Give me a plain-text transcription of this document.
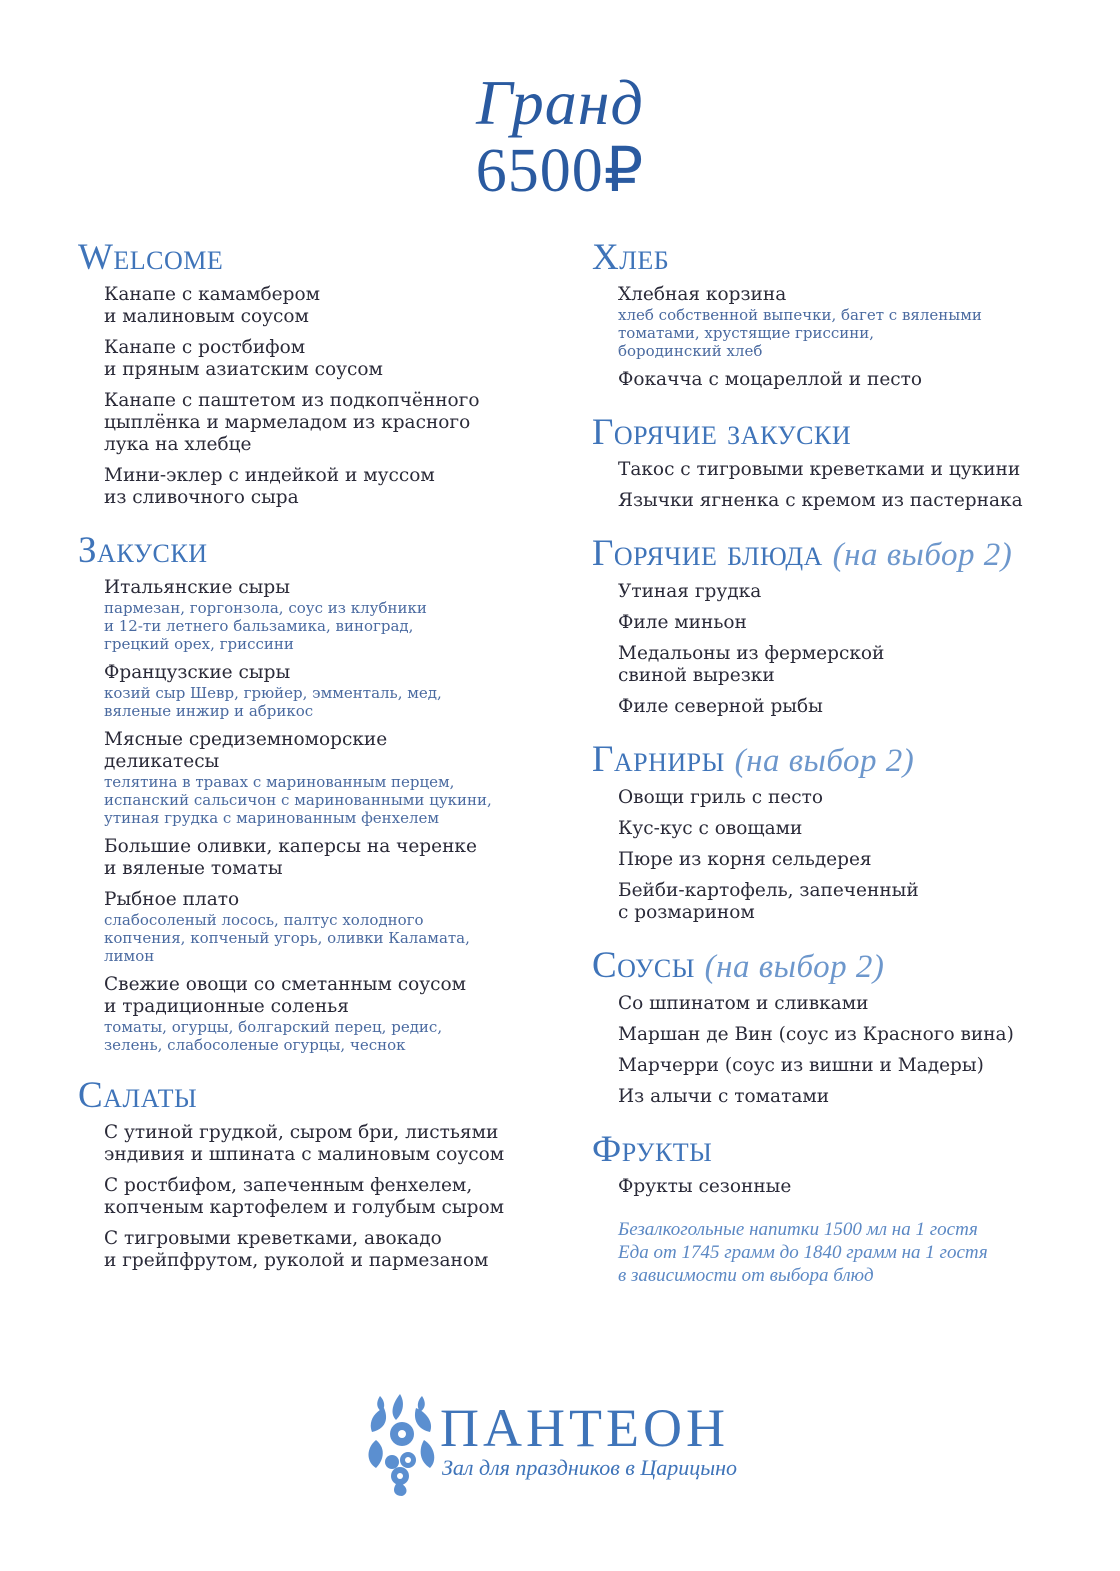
Гранд
6500₽
Welcome
Канапе с камамбером
и малиновым соусом
Канапе с ростбифом
и пряным азиатским соусом
Канапе с паштетом из подкопчённого
цыплёнка и мармеладом из красного
лука на хлебце
Мини-эклер с индейкой и муссом
из сливочного сыра
Закуски
Итальянские сыры
пармезан, горгонзола, соус из клубники
и 12-ти летнего бальзамика, виноград,
грецкий орех, гриссини
Французские сыры
козий сыр Шевр, грюйер, эмменталь, мед,
вяленые инжир и абрикос
Мясные средиземноморские
деликатесы
телятина в травах с маринованным перцем,
испанский сальсичон с маринованными цукини,
утиная грудка с маринованным фенхелем
Большие оливки, каперсы на черенке
и вяленые томаты
Рыбное плато
слабосоленый лосось, палтус холодного
копчения, копченый угорь, оливки Каламата,
лимон
Свежие овощи со сметанным соусом
и традиционные соленья
томаты, огурцы, болгарский перец, редис,
зелень, слабосоленые огурцы, чеснок
Салаты
С утиной грудкой, сыром бри, листьями
эндивия и шпината с малиновым соусом
С ростбифом, запеченным фенхелем,
копченым картофелем и голубым сыром
С тигровыми креветками, авокадо
и грейпфрутом, руколой и пармезаном
Хлеб
Хлебная корзина
хлеб собственной выпечки, багет с вялеными
томатами, хрустящие гриссини,
бородинский хлеб
Фокачча с моцареллой и песто
Горячие закуски
Такос с тигровыми креветками и цукини
Язычки ягненка с кремом из пастернака
Горячие блюда (на выбор 2)
Утиная грудка
Филе миньон
Медальоны из фермерской
свиной вырезки
Филе северной рыбы
Гарниры (на выбор 2)
Овощи гриль с песто
Кус-кус с овощами
Пюре из корня сельдерея
Бейби-картофель, запеченный
с розмарином
Соусы (на выбор 2)
Со шпинатом и сливками
Маршан де Вин (соус из Красного вина)
Марчерри (соус из вишни и Мадеры)
Из алычи с томатами
Фрукты
Фрукты сезонные
Безалкогольные напитки 1500 мл на 1 гостя
Еда от 1745 грамм до 1840 грамм на 1 гостя
в зависимости от выбора блюд
ПАНТЕОН
Зал для праздников в Царицыно
